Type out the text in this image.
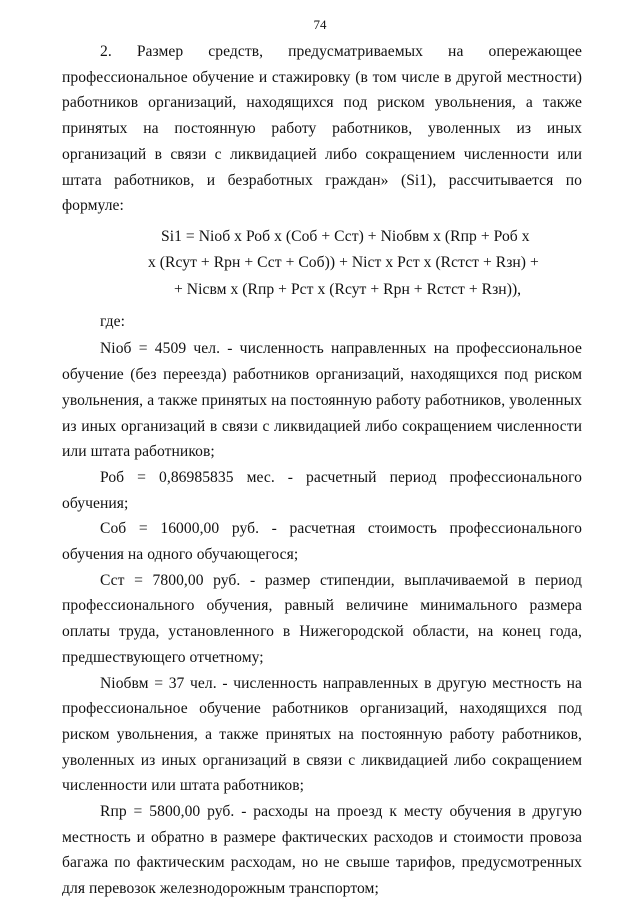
74

2. Размер средств, предусматриваемых на опережающее профессиональное обучение и стажировку (в том числе в другой местности) работников организаций, находящихся под риском увольнения, а также принятых на постоянную работу работников, уволенных из иных организаций в связи с ликвидацией либо сокращением численности или штата работников, и безработных граждан» (Si1), рассчитывается по формуле:

Si1 = Niоб x Роб x (Соб + Сст) + Niобвм x (Rпр + Роб x
x (Rсут + Rрн + Сст + Соб)) + Niст x Рст x (Rстст + Rзн) +
+ Niсвм x (Rпр + Рст x (Rсут + Rрн + Rстст + Rзн)),

где:

Niоб = 4509 чел. - численность направленных на профессиональное обучение (без переезда) работников организаций, находящихся под риском увольнения, а также принятых на постоянную работу работников, уволенных из иных организаций в связи с ликвидацией либо сокращением численности или штата работников;

Роб = 0,86985835 мес. - расчетный период профессионального обучения;

Соб = 16000,00 руб. - расчетная стоимость профессионального обучения на одного обучающегося;

Сст = 7800,00 руб. - размер стипендии, выплачиваемой в период профессионального обучения, равный величине минимального размера оплаты труда, установленного в Нижегородской области, на конец года, предшествующего отчетному;

Niобвм = 37 чел. - численность направленных в другую местность на профессиональное обучение работников организаций, находящихся под риском увольнения, а также принятых на постоянную работу работников, уволенных из иных организаций в связи с ликвидацией либо сокращением численности или штата работников;

Rпр = 5800,00 руб. - расходы на проезд к месту обучения в другую местность и обратно в размере фактических расходов и стоимости провоза багажа по фактическим расходам, но не свыше тарифов, предусмотренных для перевозок железнодорожным транспортом;
